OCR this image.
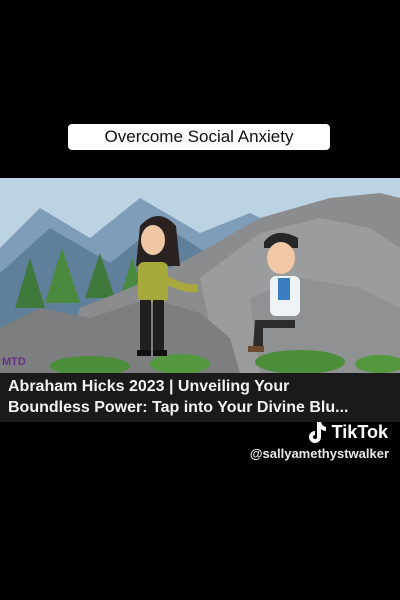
Overcome Social Anxiety
MTD
Abraham Hicks 2023 | Unveiling Your
Boundless Power: Tap into Your Divine Blu...
TikTok
@sallyamethystwalker
